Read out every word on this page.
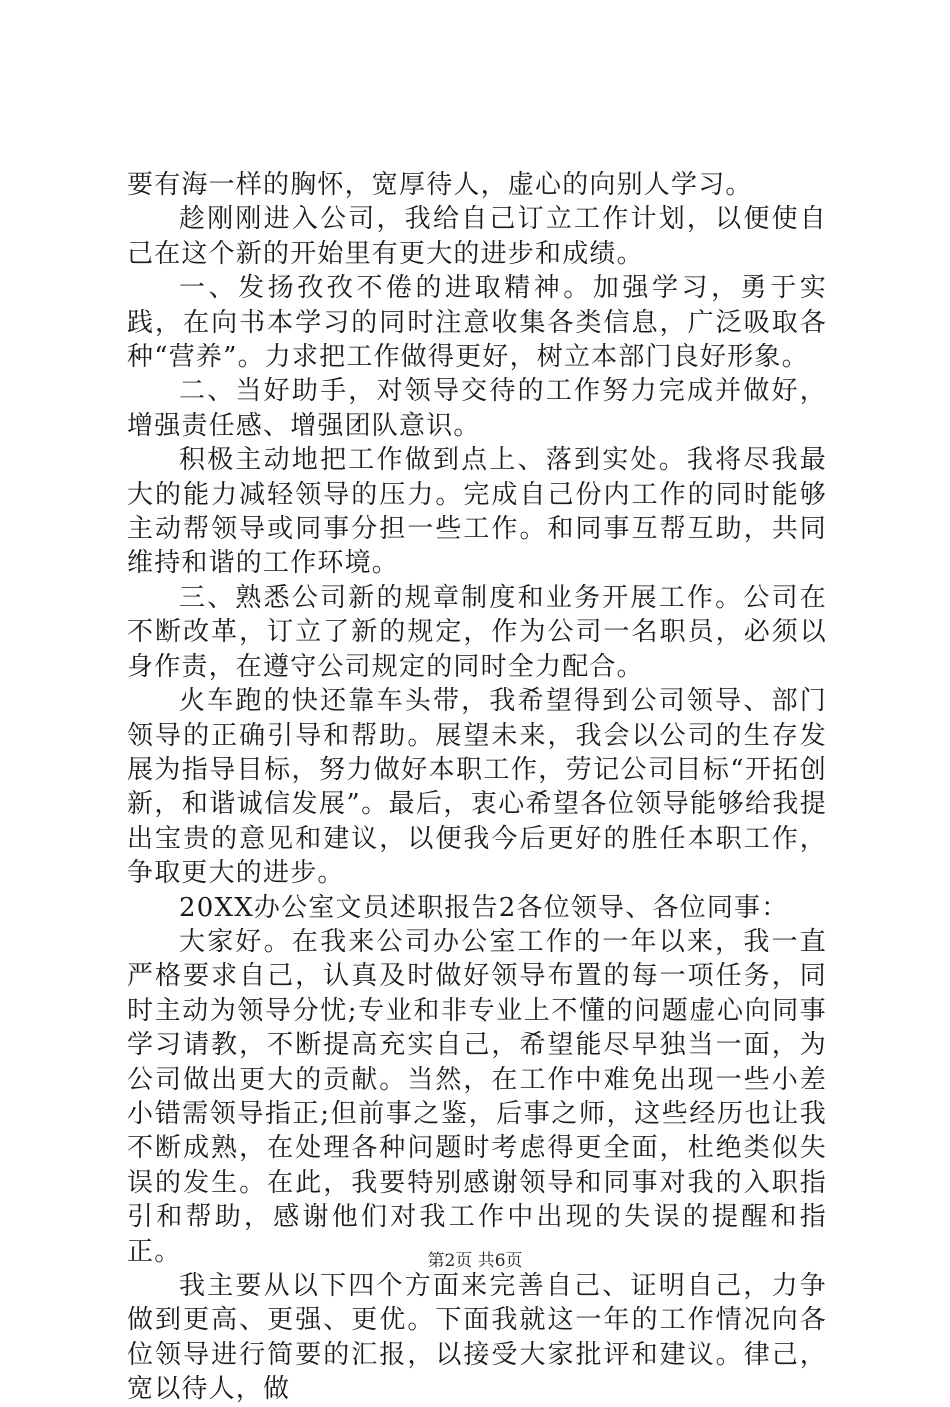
要有海一样的胸怀，宽厚待人，虚心的向别人学习。

趁刚刚进入公司，我给自己订立工作计划，以便使自己在这个新的开始里有更大的进步和成绩。

一、发扬孜孜不倦的进取精神。加强学习，勇于实践，在向书本学习的同时注意收集各类信息，广泛吸取各种“营养”。力求把工作做得更好，树立本部门良好形象。

二、当好助手，对领导交待的工作努力完成并做好，增强责任感、增强团队意识。

积极主动地把工作做到点上、落到实处。我将尽我最大的能力减轻领导的压力。完成自己份内工作的同时能够主动帮领导或同事分担一些工作。和同事互帮互助，共同维持和谐的工作环境。

三、熟悉公司新的规章制度和业务开展工作。公司在不断改革，订立了新的规定，作为公司一名职员，必须以身作责，在遵守公司规定的同时全力配合。

火车跑的快还靠车头带，我希望得到公司领导、部门领导的正确引导和帮助。展望未来，我会以公司的生存发展为指导目标，努力做好本职工作，劳记公司目标“开拓创新，和谐诚信发展”。最后，衷心希望各位领导能够给我提出宝贵的意见和建议，以便我今后更好的胜任本职工作，争取更大的进步。

20XX办公室文员述职报告2各位领导、各位同事：

大家好。在我来公司办公室工作的一年以来，我一直严格要求自己，认真及时做好领导布置的每一项任务，同时主动为领导分忧;专业和非专业上不懂的问题虚心向同事学习请教，不断提高充实自己，希望能尽早独当一面，为公司做出更大的贡献。当然，在工作中难免出现一些小差小错需领导指正;但前事之鉴，后事之师，这些经历也让我不断成熟，在处理各种问题时考虑得更全面，杜绝类似失误的发生。在此，我要特别感谢领导和同事对我的入职指引和帮助，感谢他们对我工作中出现的失误的提醒和指正。

我主要从以下四个方面来完善自己、证明自己，力争做到更高、更强、更优。下面我就这一年的工作情况向各位领导进行简要的汇报，以接受大家批评和建议。律己，宽以待人，做

第2页 共6页
